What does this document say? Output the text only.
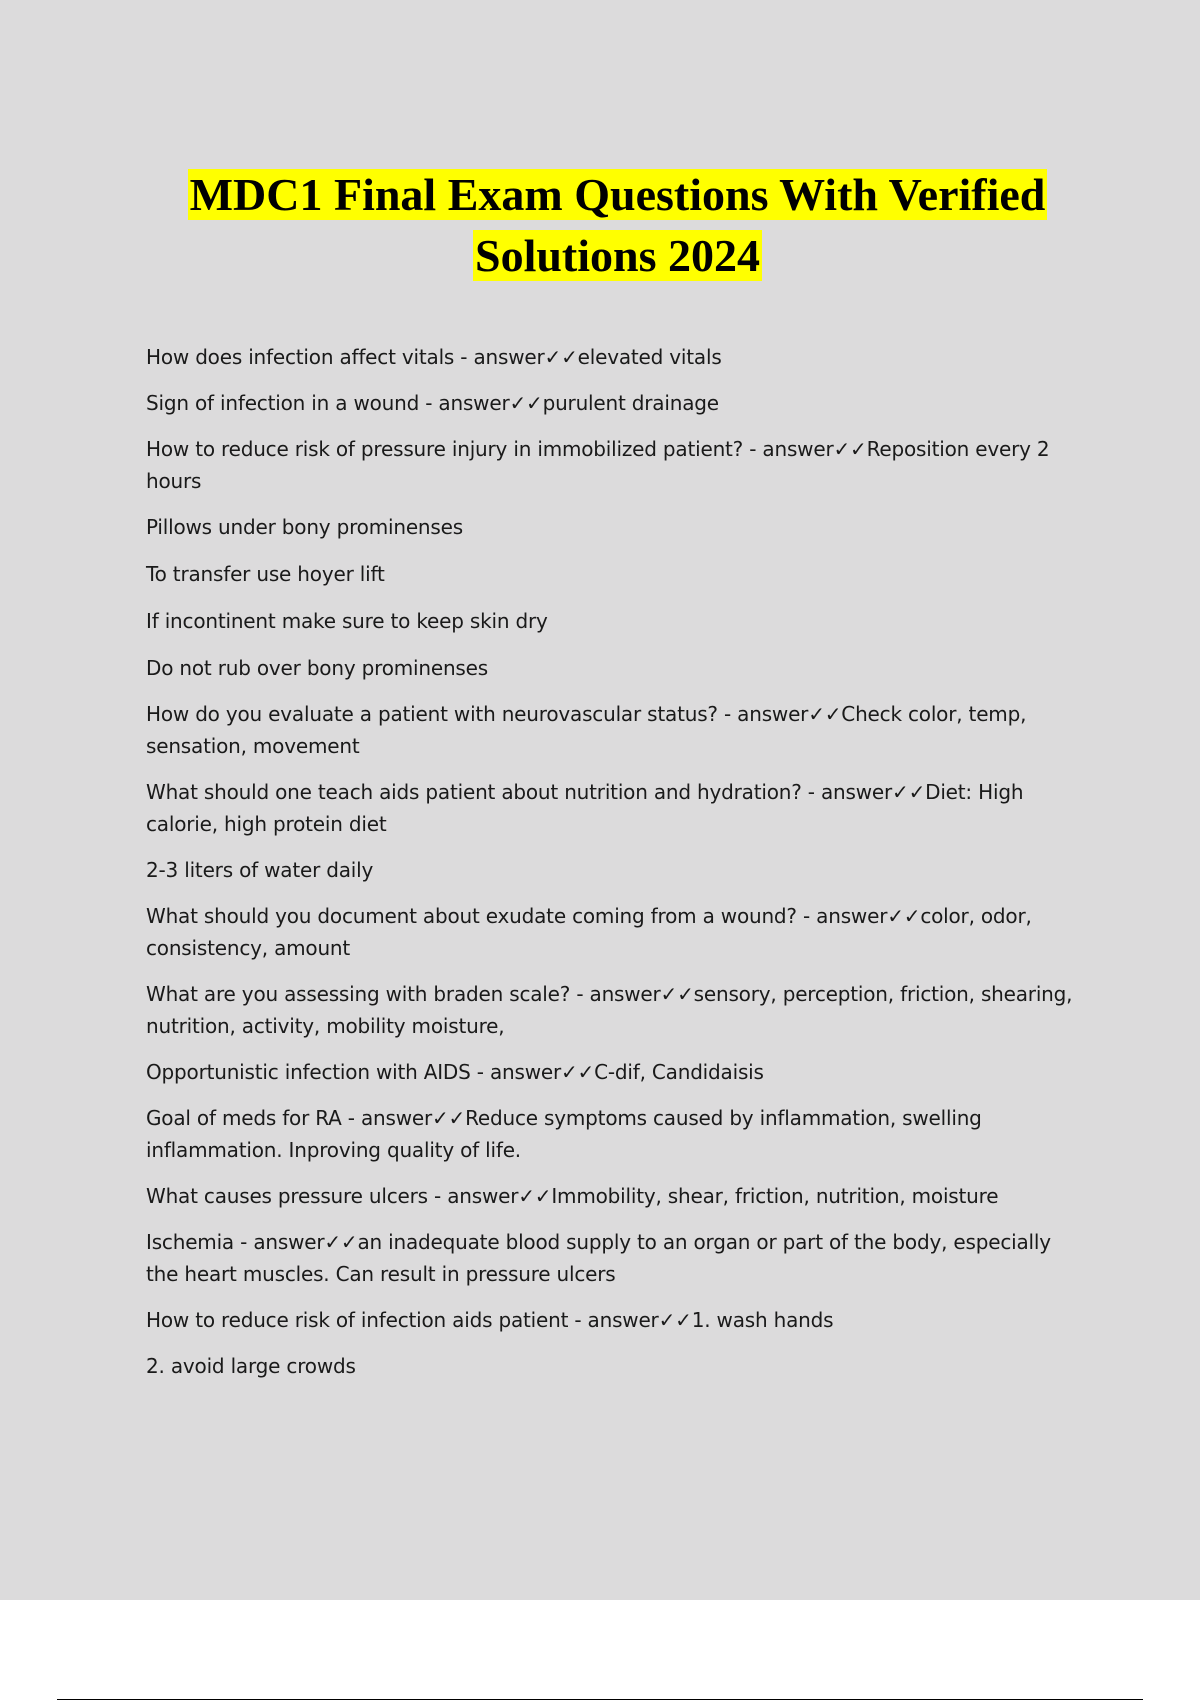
MDC1 Final Exam Questions With Verified
Solutions 2024

How does infection affect vitals - answer✓✓elevated vitals

Sign of infection in a wound - answer✓✓purulent drainage

How to reduce risk of pressure injury in immobilized patient? - answer✓✓Reposition every 2 hours

Pillows under bony prominenses

To transfer use hoyer lift

If incontinent make sure to keep skin dry

Do not rub over bony prominenses

How do you evaluate a patient with neurovascular status? - answer✓✓Check color, temp, sensation, movement

What should one teach aids patient about nutrition and hydration? - answer✓✓Diet: High calorie, high protein diet

2-3 liters of water daily

What should you document about exudate coming from a wound? - answer✓✓color, odor, consistency, amount

What are you assessing with braden scale? - answer✓✓sensory, perception, friction, shearing, nutrition, activity, mobility moisture,

Opportunistic infection with AIDS - answer✓✓C-dif, Candidaisis

Goal of meds for RA - answer✓✓Reduce symptoms caused by inflammation, swelling inflammation. Inproving quality of life.

What causes pressure ulcers - answer✓✓Immobility, shear, friction, nutrition, moisture

Ischemia - answer✓✓an inadequate blood supply to an organ or part of the body, especially the heart muscles. Can result in pressure ulcers

How to reduce risk of infection aids patient - answer✓✓1. wash hands

2. avoid large crowds
